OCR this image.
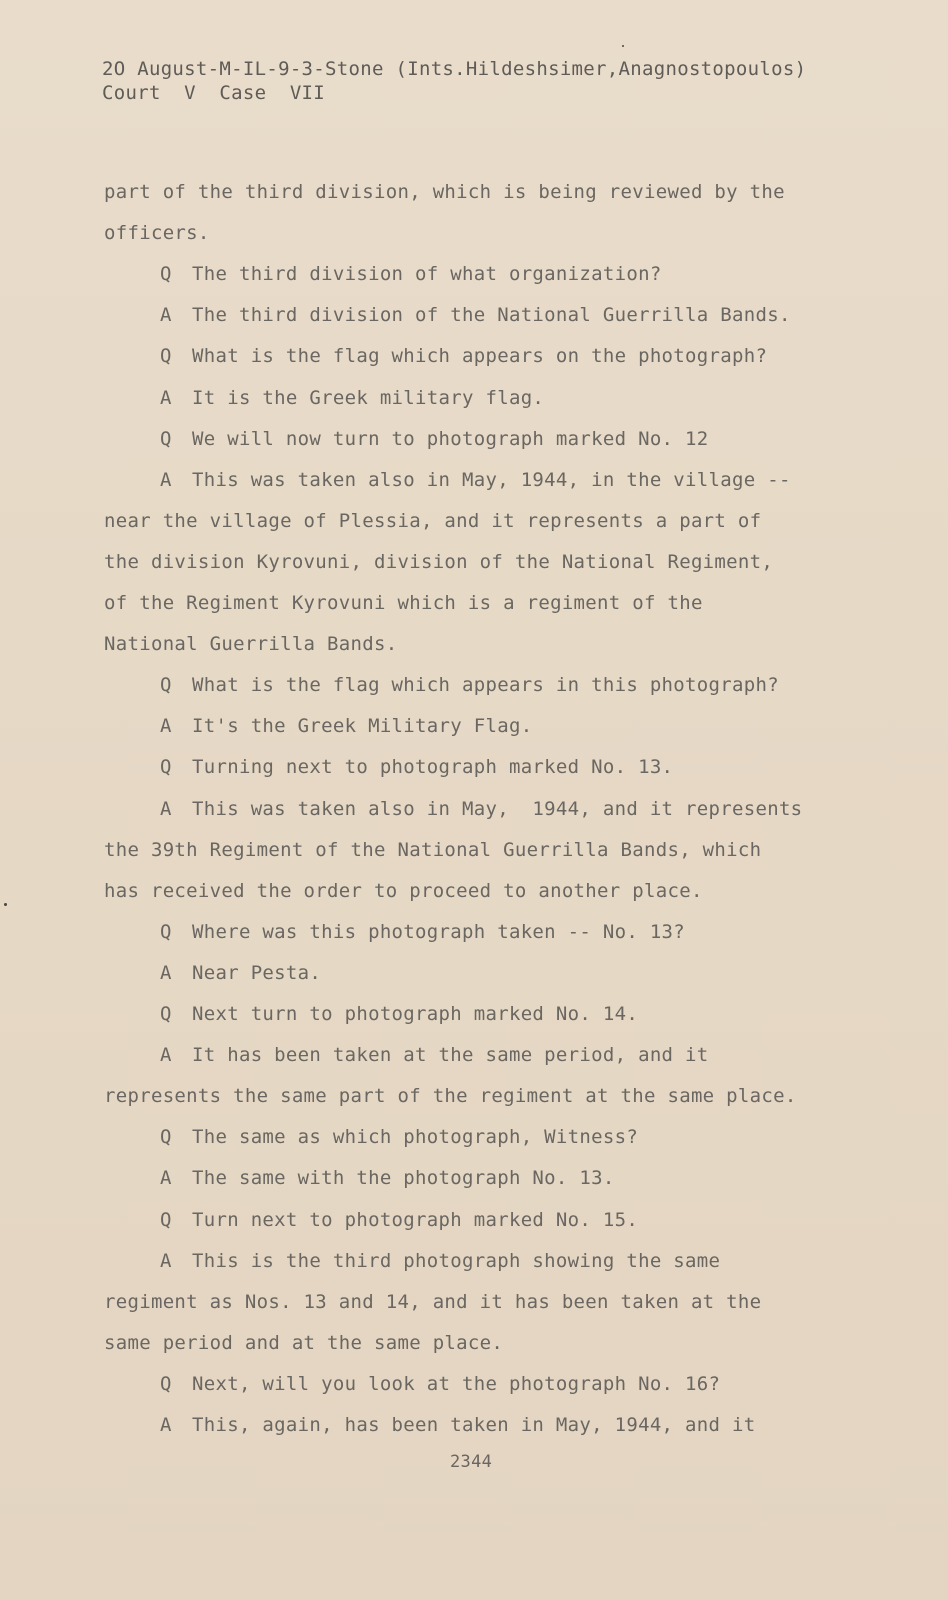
2O August-M-IL-9-3-Stone (Ints.Hildeshsimer,Anagnostopoulos)
Court  V  Case  VII
part of the third division, which is being reviewed by the
officers.
Q The third division of what organization?
A The third division of the National Guerrilla Bands.
Q What is the flag which appears on the photograph?
A It is the Greek military flag.
Q We will now turn to photograph marked No. 12
A This was taken also in May, 1944, in the village --
near the village of Plessia, and it represents a part of
the division Kyrovuni, division of the National Regiment,
of the Regiment Kyrovuni which is a regiment of the
National Guerrilla Bands.
Q What is the flag which appears in this photograph?
A It's the Greek Military Flag.
Q Turning next to photograph marked No. 13.
A This was taken also in May,  1944, and it represents
the 39th Regiment of the National Guerrilla Bands, which
has received the order to proceed to another place.
Q Where was this photograph taken -- No. 13?
A Near Pesta.
Q Next turn to photograph marked No. 14.
A It has been taken at the same period, and it
represents the same part of the regiment at the same place.
Q The same as which photograph, Witness?
A The same with the photograph No. 13.
Q Turn next to photograph marked No. 15.
A This is the third photograph showing the same
regiment as Nos. 13 and 14, and it has been taken at the
same period and at the same place.
Q Next, will you look at the photograph No. 16?
A This, again, has been taken in May, 1944, and it
2344
